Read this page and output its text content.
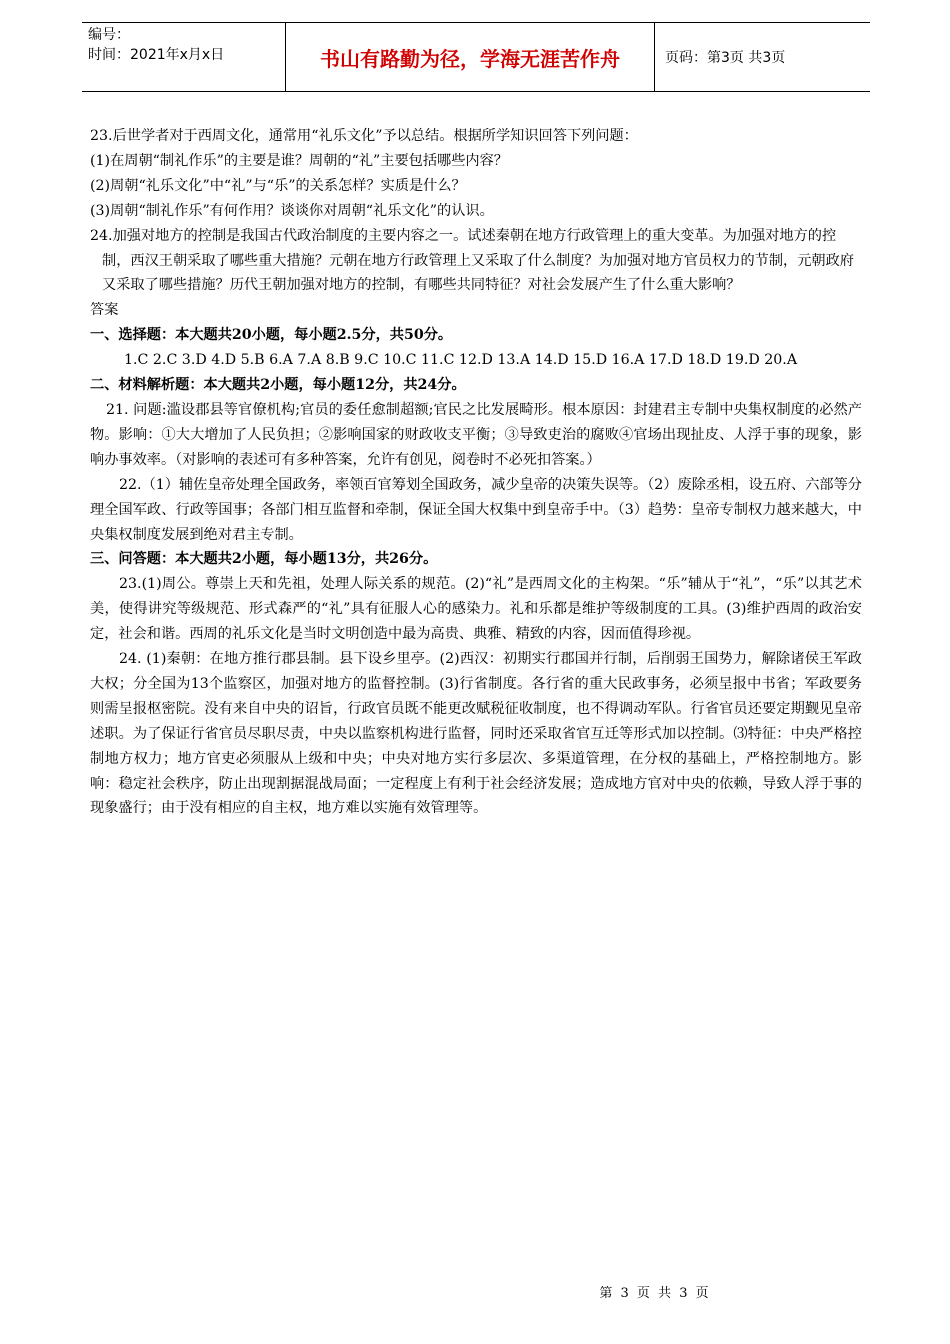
编号：
时间：2021年x月x日	书山有路勤为径，学海无涯苦作舟	页码：第3页 共3页

23.后世学者对于西周文化，通常用“礼乐文化”予以总结。根据所学知识回答下列问题：

(1)在周朝“制礼作乐”的主要是谁？周朝的“礼”主要包括哪些内容？

(2)周朝“礼乐文化”中“礼”与“乐”的关系怎样？实质是什么？

(3)周朝“制礼作乐”有何作用？谈谈你对周朝“礼乐文化”的认识。

24.加强对地方的控制是我国古代政治制度的主要内容之一。试述秦朝在地方行政管理上的重大变革。为加强对地方的控制，西汉王朝采取了哪些重大措施？元朝在地方行政管理上又采取了什么制度？为加强对地方官员权力的节制，元朝政府又采取了哪些措施？历代王朝加强对地方的控制，有哪些共同特征？对社会发展产生了什么重大影响？

答案

一、选择题：本大题共20小题，每小题2.5分，共50分。

1.C 2.C 3.D 4.D 5.B 6.A 7.A 8.B 9.C 10.C 11.C 12.D 13.A 14.D 15.D 16.A 17.D 18.D 19.D 20.A

二、材料解析题：本大题共2小题，每小题12分，共24分。

21. 问题:滥设郡县等官僚机构;官员的委任愈制超额;官民之比发展畸形。根本原因：封建君主专制中央集权制度的必然产物。影响：①大大增加了人民负担；②影响国家的财政收支平衡；③导致吏治的腐败④官场出现扯皮、人浮于事的现象，影响办事效率。（对影响的表述可有多种答案，允许有创见，阅卷时不必死扣答案。）

22.（1）辅佐皇帝处理全国政务，率领百官筹划全国政务，减少皇帝的决策失误等。（2）废除丞相，设五府、六部等分理全国军政、行政等国事；各部门相互监督和牵制，保证全国大权集中到皇帝手中。（3）趋势：皇帝专制权力越来越大，中央集权制度发展到绝对君主专制。

三、问答题：本大题共2小题，每小题13分，共26分。

23.(1)周公。尊崇上天和先祖，处理人际关系的规范。(2)“礼”是西周文化的主构架。“乐”辅从于“礼”，“乐”以其艺术美，使得讲究等级规范、形式森严的“礼”具有征服人心的感染力。礼和乐都是维护等级制度的工具。(3)维护西周的政治安定，社会和谐。西周的礼乐文化是当时文明创造中最为高贵、典雅、精致的内容，因而值得珍视。

24. (1)秦朝：在地方推行郡县制。县下设乡里亭。(2)西汉：初期实行郡国并行制，后削弱王国势力，解除诸侯王军政大权；分全国为13个监察区，加强对地方的监督控制。(3)行省制度。各行省的重大民政事务，必须呈报中书省；军政要务则需呈报枢密院。没有来自中央的诏旨，行政官员既不能更改赋税征收制度，也不得调动军队。行省官员还要定期觐见皇帝述职。为了保证行省官员尽职尽责，中央以监察机构进行监督，同时还采取省官互迁等形式加以控制。⑶特征：中央严格控制地方权力；地方官吏必须服从上级和中央；中央对地方实行多层次、多渠道管理，在分权的基础上，严格控制地方。影响：稳定社会秩序，防止出现割据混战局面；一定程度上有利于社会经济发展；造成地方官对中央的依赖，导致人浮于事的现象盛行；由于没有相应的自主权，地方难以实施有效管理等。

第 3 页 共 3 页
